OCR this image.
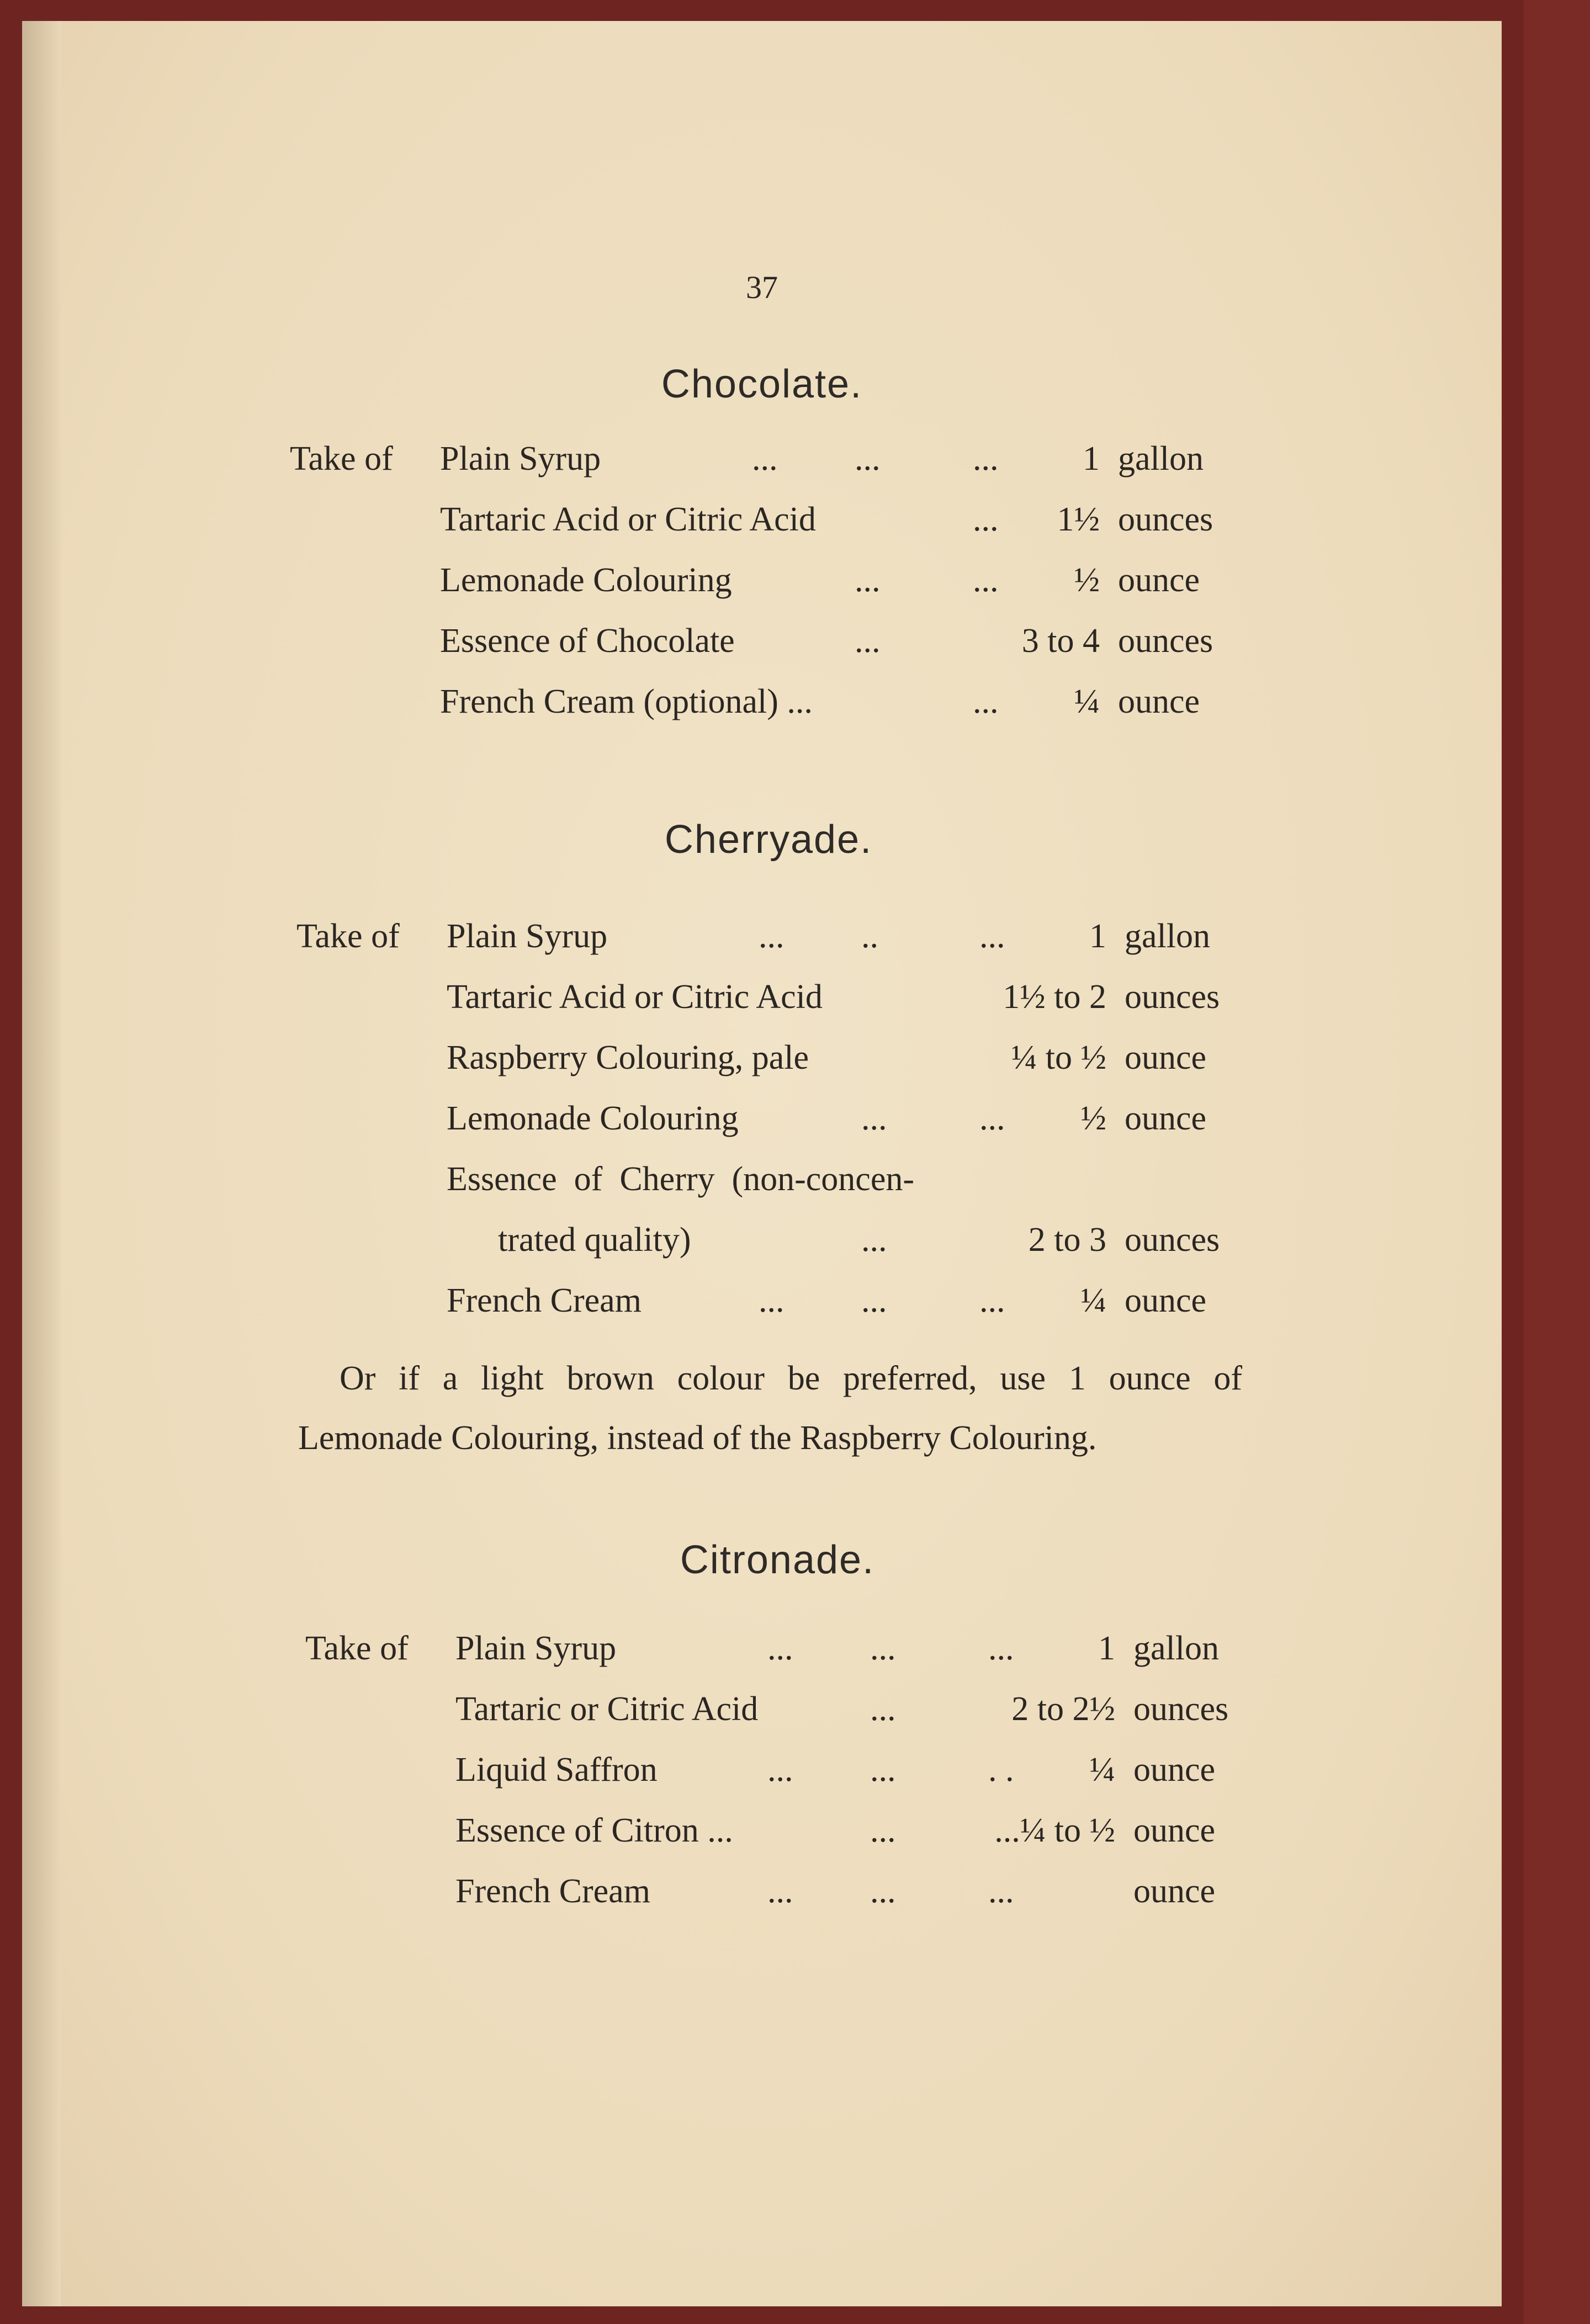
37
Chocolate.
Take of Plain Syrup	... ...	... 1 gallon
Tartaric Acid or Citric Acid	... 1½ ounces
Lemonade Colouring	...	... ½ ounce
Essence of Chocolate	...	3 to 4 ounces
French Cream (optional) ...	... ¼ ounce
Cherryade.
Take of Plain Syrup	... ..	... 1 gallon
Tartaric Acid or Citric Acid	1½ to 2 ounces
Raspberry Colouring, pale	¼ to ½ ounce
Lemonade Colouring	...	... ½ ounce
Essence  of  Cherry  (non-concen-
trated quality)	...	2 to 3 ounces
French Cream	... ...	... ¼ ounce
Citronade.
Take of Plain Syrup	... ...	... 1 gallon
Tartaric or Citric Acid	...	2 to 2½ ounces
Liquid Saffron	... ...	. . ¼ ounce
Essence of Citron ...	...	...¼ to ½ ounce
French Cream	... ...	...	ounce
Or if a light brown colour be preferred, use 1 ounce of
Lemonade Colouring, instead of the Raspberry Colouring.
